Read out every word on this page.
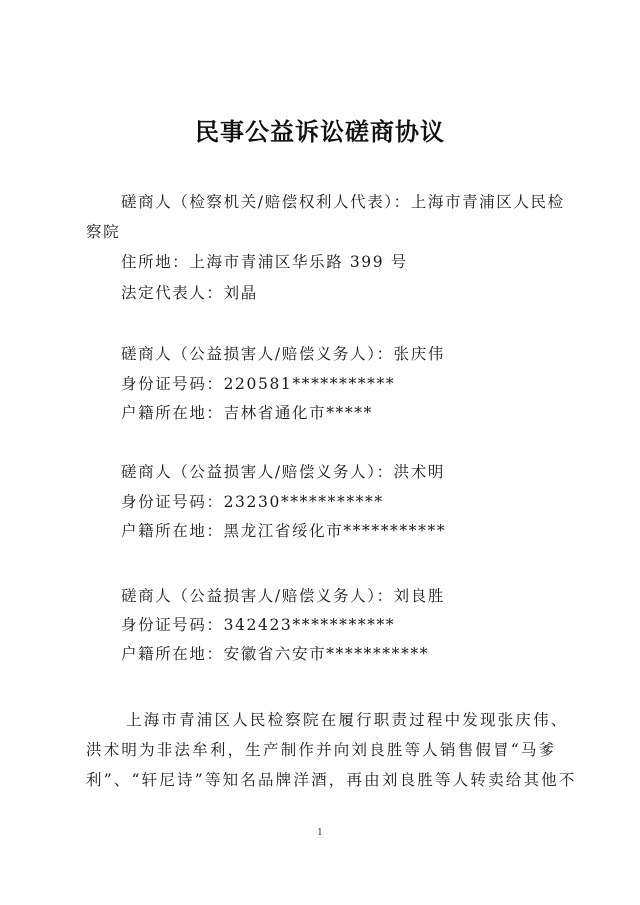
民事公益诉讼磋商协议
磋商人（检察机关/赔偿权利人代表）：上海市青浦区人民检
察院
住所地：上海市青浦区华乐路 399 号
法定代表人：刘晶
磋商人（公益损害人/赔偿义务人）：张庆伟
身份证号码：220581***********
户籍所在地：吉林省通化市*****
磋商人（公益损害人/赔偿义务人）：洪术明
身份证号码：23230***********
户籍所在地：黑龙江省绥化市***********
磋商人（公益损害人/赔偿义务人）：刘良胜
身份证号码：342423***********
户籍所在地：安徽省六安市***********
上海市青浦区人民检察院在履行职责过程中发现张庆伟、
洪术明为非法牟利，生产制作并向刘良胜等人销售假冒“马爹
利”、“轩尼诗”等知名品牌洋酒，再由刘良胜等人转卖给其他不
1
